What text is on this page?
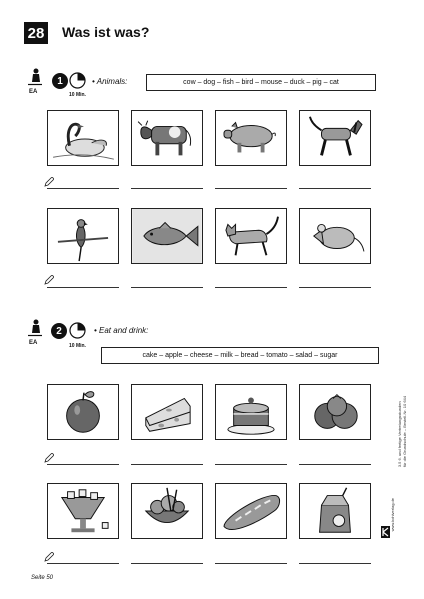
28 Was ist was?
EA
1
10 Min.
• Animals:	cow – dog – fish – bird – mouse – duck – pig – cat
EA
2
10 Min.
• Eat and drink:
cake – apple – cheese – milk – bread – tomato – salad – sugar
3.5 6. und fertige Vertretungsstunden für die Grundschule – Bestell-Nr. 10 644
www.kohlverlag.de
Seite 50
